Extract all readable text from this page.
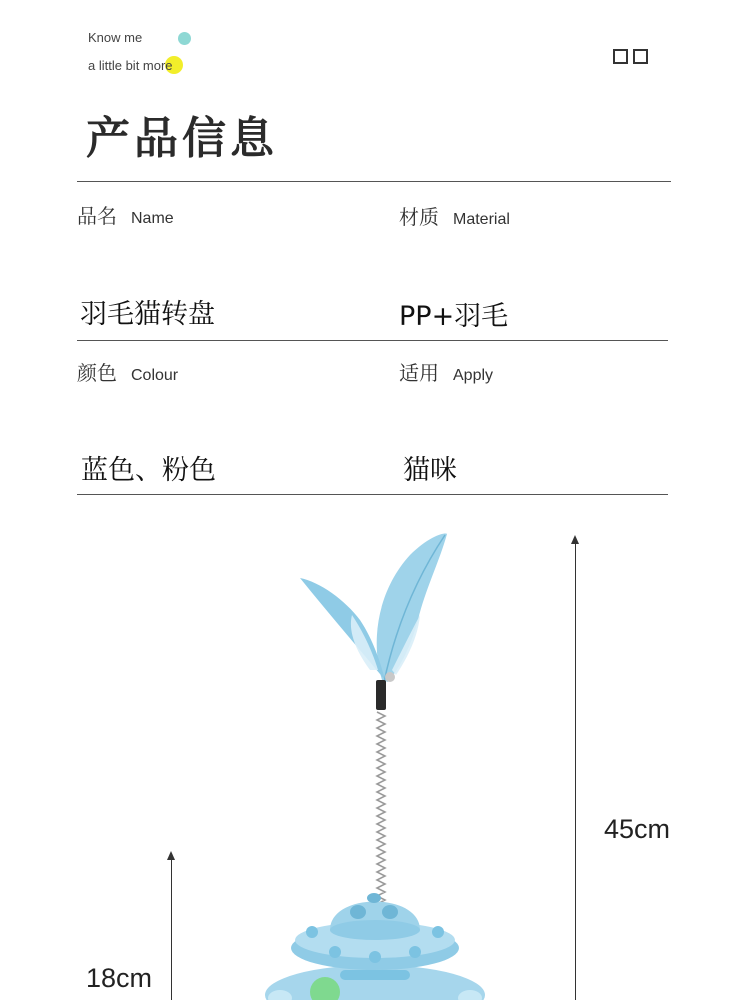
Know me
a little bit more
产品信息
品名 Name	材质 Material
羽毛猫转盘	PP+羽毛
颜色 Colour	适用 Apply
蓝色、粉色	猫咪
45cm
18cm
